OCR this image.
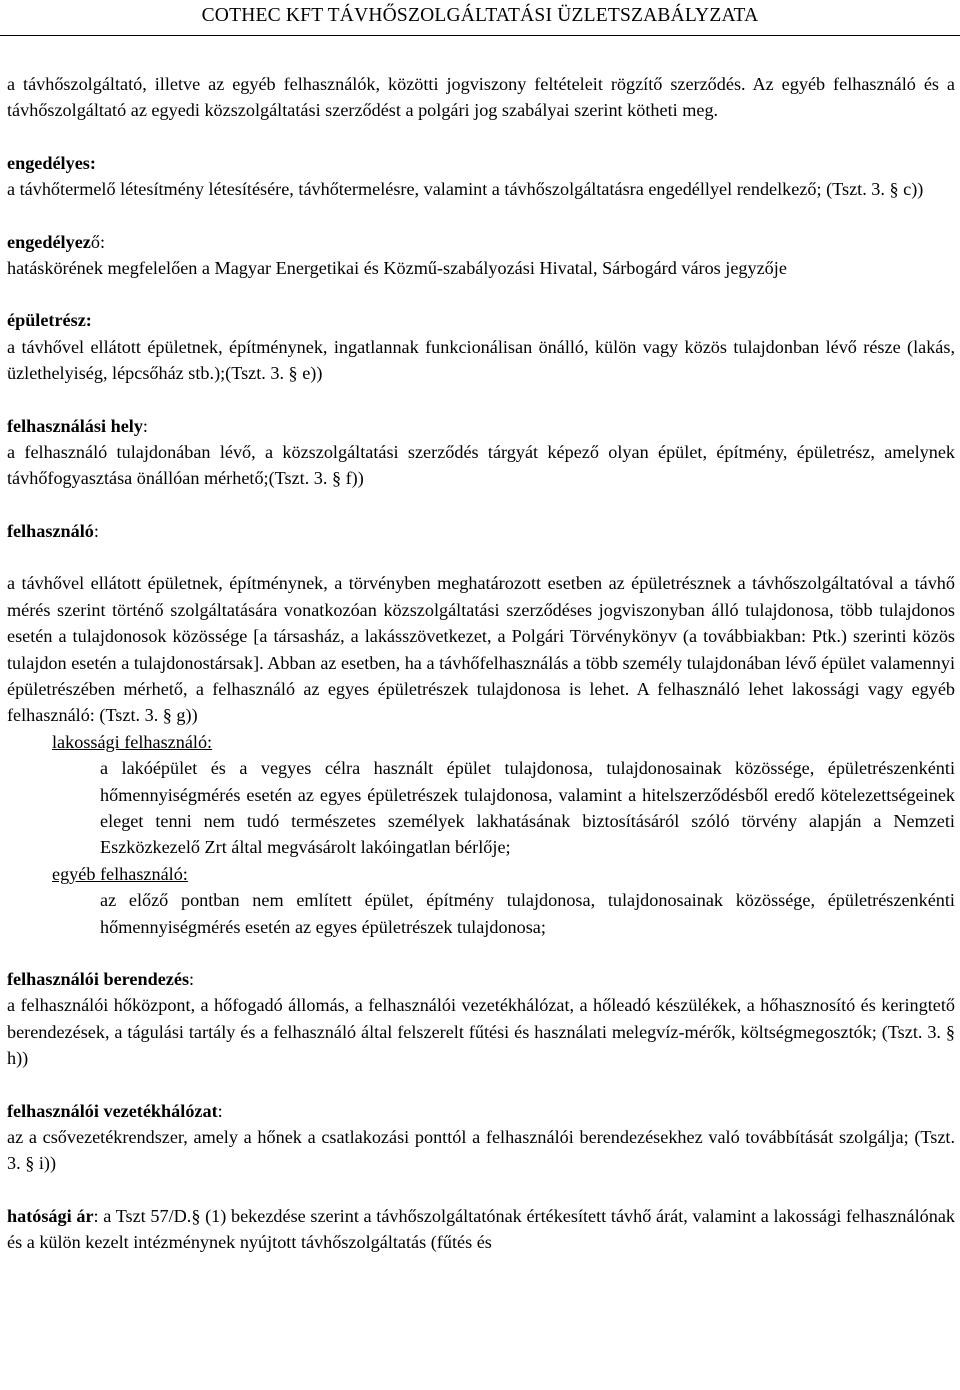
COTHEC KFT TÁVHŐSZOLGÁLTATÁSI ÜZLETSZABÁLYZATA

a távhőszolgáltató, illetve az egyéb felhasználók, közötti jogviszony feltételeit rögzítő szerződés. Az egyéb felhasználó és a távhőszolgáltató az egyedi közszolgáltatási szerződést a polgári jog szabályai szerint kötheti meg.

engedélyes:

a távhőtermelő létesítmény létesítésére, távhőtermelésre, valamint a távhőszolgáltatásra engedéllyel rendelkező; (Tszt. 3. § c))

engedélyező:

hatáskörének megfelelően a Magyar Energetikai és Közmű-szabályozási Hivatal, Sárbogárd város jegyzője

épületrész:

a távhővel ellátott épületnek, építménynek, ingatlannak funkcionálisan önálló, külön vagy közös tulajdonban lévő része (lakás, üzlethelyiség, lépcsőház stb.);(Tszt. 3. § e))

felhasználási hely:

a felhasználó tulajdonában lévő, a közszolgáltatási szerződés tárgyát képező olyan épület, építmény, épületrész, amelynek távhőfogyasztása önállóan mérhető;(Tszt. 3. § f))

felhasználó:

a távhővel ellátott épületnek, építménynek, a törvényben meghatározott esetben az épületrésznek a távhőszolgáltatóval a távhő mérés szerint történő szolgáltatására vonatkozóan közszolgáltatási szerződéses jogviszonyban álló tulajdonosa, több tulajdonos esetén a tulajdonosok közössége [a társasház, a lakásszövetkezet, a Polgári Törvénykönyv (a továbbiakban: Ptk.) szerinti közös tulajdon esetén a tulajdonostársak]. Abban az esetben, ha a távhőfelhasználás a több személy tulajdonában lévő épület valamennyi épületrészében mérhető, a felhasználó az egyes épületrészek tulajdonosa is lehet. A felhasználó lehet lakossági vagy egyéb felhasználó: (Tszt. 3. § g))

lakossági felhasználó:

a lakóépület és a vegyes célra használt épület tulajdonosa, tulajdonosainak közössége, épületrészenkénti hőmennyiségmérés esetén az egyes épületrészek tulajdonosa, valamint a hitelszerződésből eredő kötelezettségeinek eleget tenni nem tudó természetes személyek lakhatásának biztosításáról szóló törvény alapján a Nemzeti Eszközkezelő Zrt által megvásárolt lakóingatlan bérlője;

egyéb felhasználó:

az előző pontban nem említett épület, építmény tulajdonosa, tulajdonosainak közössége, épületrészenkénti hőmennyiségmérés esetén az egyes épületrészek tulajdonosa;

felhasználói berendezés:

a felhasználói hőközpont, a hőfogadó állomás, a felhasználói vezetékhálózat, a hőleadó készülékek, a hőhasznosító és keringtető berendezések, a tágulási tartály és a felhasználó által felszerelt fűtési és használati melegvíz-mérők, költségmegosztók; (Tszt. 3. § h))

felhasználói vezetékhálózat:

az a csővezetékrendszer, amely a hőnek a csatlakozási ponttól a felhasználói berendezésekhez való továbbítását szolgálja; (Tszt. 3. § i))

hatósági ár: a Tszt 57/D.§ (1) bekezdése szerint a távhőszolgáltatónak értékesített távhő árát, valamint a lakossági felhasználónak és a külön kezelt intézménynek nyújtott távhőszolgáltatás (fűtés és
